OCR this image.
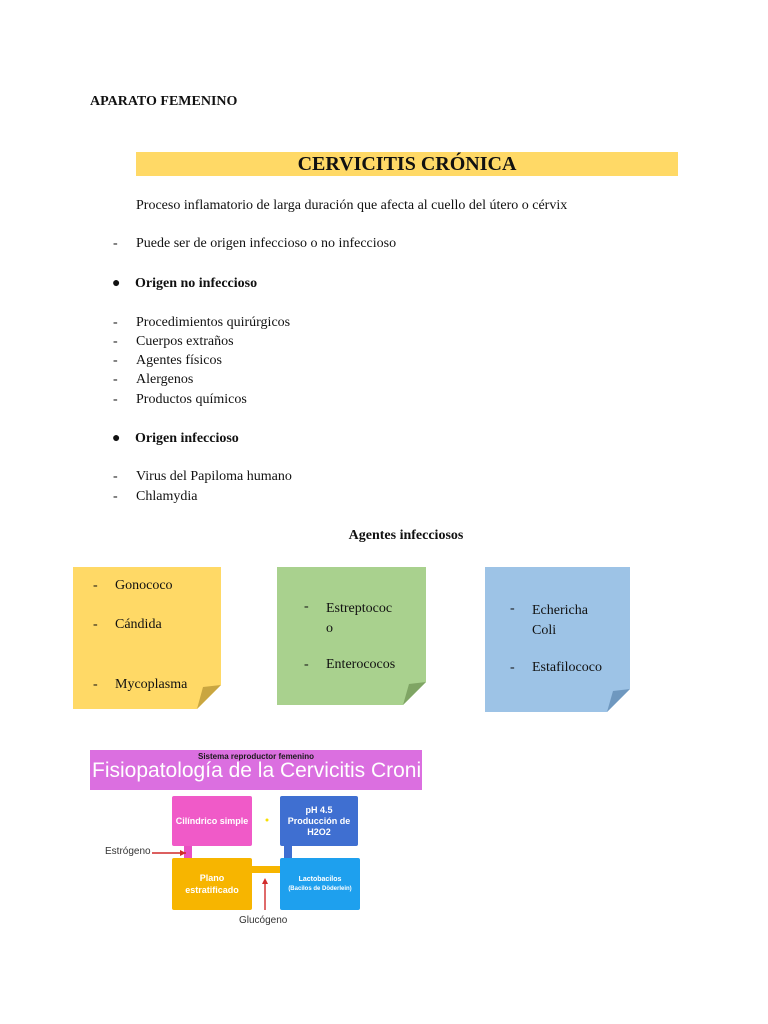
APARATO FEMENINO
CERVICITIS CRÓNICA
Proceso inflamatorio de larga duración que afecta al cuello del útero o cérvix
-	Puede ser de origen infeccioso o no infeccioso
●	Origen no infeccioso
-	Procedimientos quirúrgicos
-	Cuerpos extraños
-	Agentes físicos
-	Alergenos
-	Productos químicos
●	Origen infeccioso
-	Virus del Papiloma humano
-	Chlamydia
Agentes infecciosos
-	Gonococo
-	Cándida
-	Mycoplasma
-	Estreptococ
o
-	Enterococos
-	Echericha
Coli
-	Estafilococo
Sistema reproductor femenino
Fisiopatología de la Cervicitis Cronica.
Cilíndrico simple
pH 4.5
Producción de H2O2
Plano
estratificado
Lactobacilos
(Bacilos de Döderlein)
Estrógeno
Glucógeno
